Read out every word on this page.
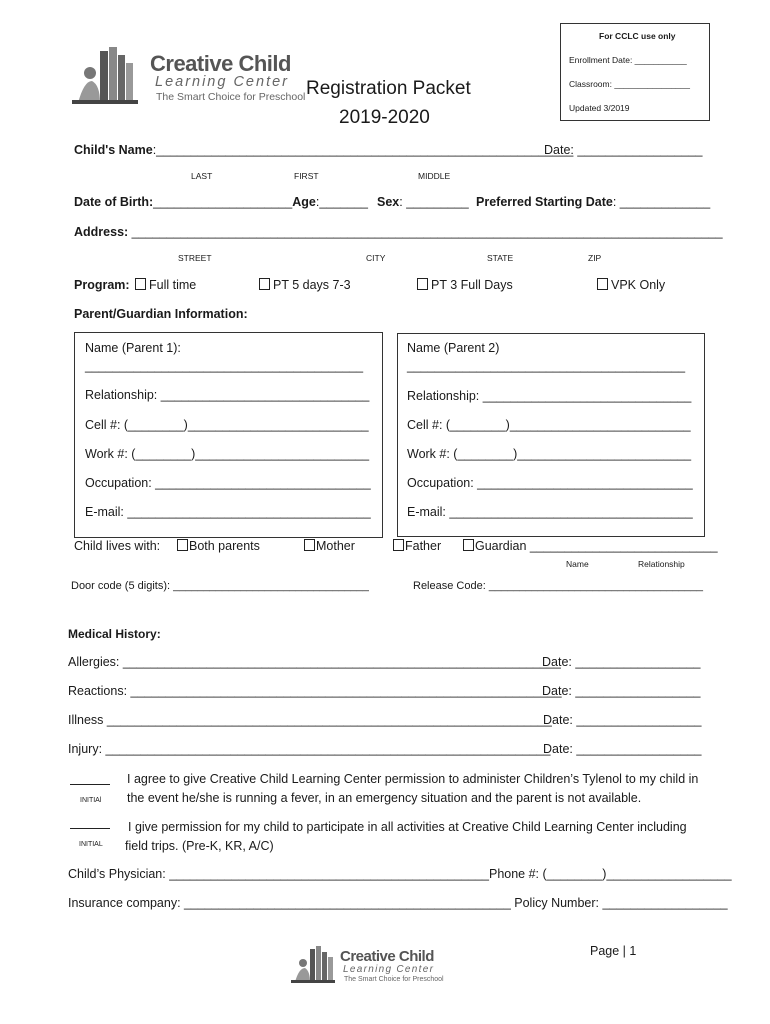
For CCLC use only
Enrollment Date: ___________
Classroom: ________________
Updated 3/2019
Creative Child
Learning Center
The Smart Choice for Preschool Registration Packet
2019-2020
Child's Name:____________________________________________________________
Date: __________________
LAST	FIRST	MIDDLE
Date of Birth:____________________Age:_______ Sex: _________ Preferred Starting Date: _____________
Address: _____________________________________________________________________________________
STREET	CITY	STATE	ZIP
Program:	Full time	PT 5 days 7-3	PT 3 Full Days	VPK Only
Parent/Guardian Information:
Name (Parent 1):
________________________________________
Relationship: ______________________________
Cell #: (________)__________________________
Work #: (________)_________________________
Occupation: _______________________________
E-mail: ___________________________________
Name (Parent 2)
________________________________________
Relationship: ______________________________
Cell #: (________)__________________________
Work #: (________)_________________________
Occupation: _______________________________
E-mail: ___________________________________
Child lives with:	Both parents	Mother	Father	Guardian ___________________________
Name	Relationship
Door code (5 digits): ________________________________	Release Code: ___________________________________
Medical History:
Allergies: _______________________________________________________________
Date: __________________
Reactions: ______________________________________________________________
Date: __________________
Illness ________________________________________________________________
Date: __________________
Injury: ________________________________________________________________
Date: __________________
INITIAl
I agree to give Creative Child Learning Center permission to administer Children’s Tylenol to my child in
the event he/she is running a fever, in an emergency situation and the parent is not available.
INITIAL
I give permission for my child to participate in all activities at Creative Child Learning Center including
field trips. (Pre-K, KR, A/C)
Child’s Physician: ______________________________________________Phone #: (________)__________________
Insurance company: _______________________________________________ Policy Number: __________________
Page | 1
Creative Child
Learning Center
The Smart Choice for Preschool
